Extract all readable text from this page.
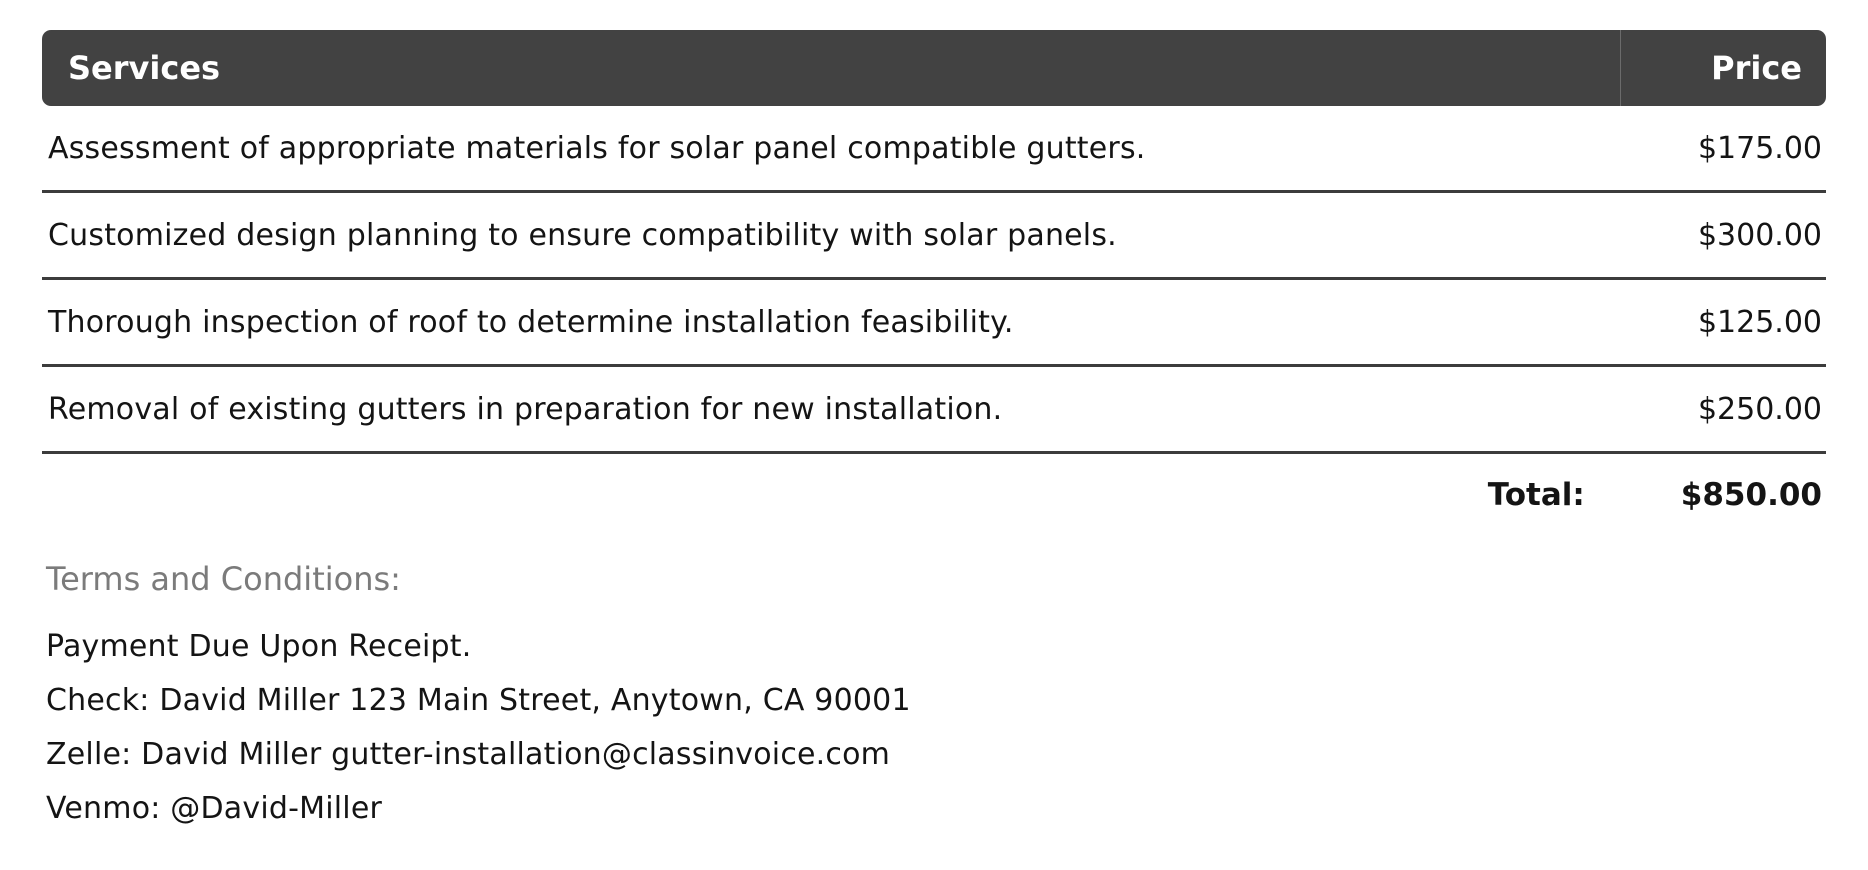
Services	Price
Assessment of appropriate materials for solar panel compatible gutters.	$175.00
Customized design planning to ensure compatibility with solar panels.	$300.00
Thorough inspection of roof to determine installation feasibility.	$125.00
Removal of existing gutters in preparation for new installation.	$250.00
Total:	$850.00
Terms and Conditions:
Payment Due Upon Receipt.
Check: David Miller 123 Main Street, Anytown, CA 90001
Zelle: David Miller gutter-installation@classinvoice.com
Venmo: @David-Miller
